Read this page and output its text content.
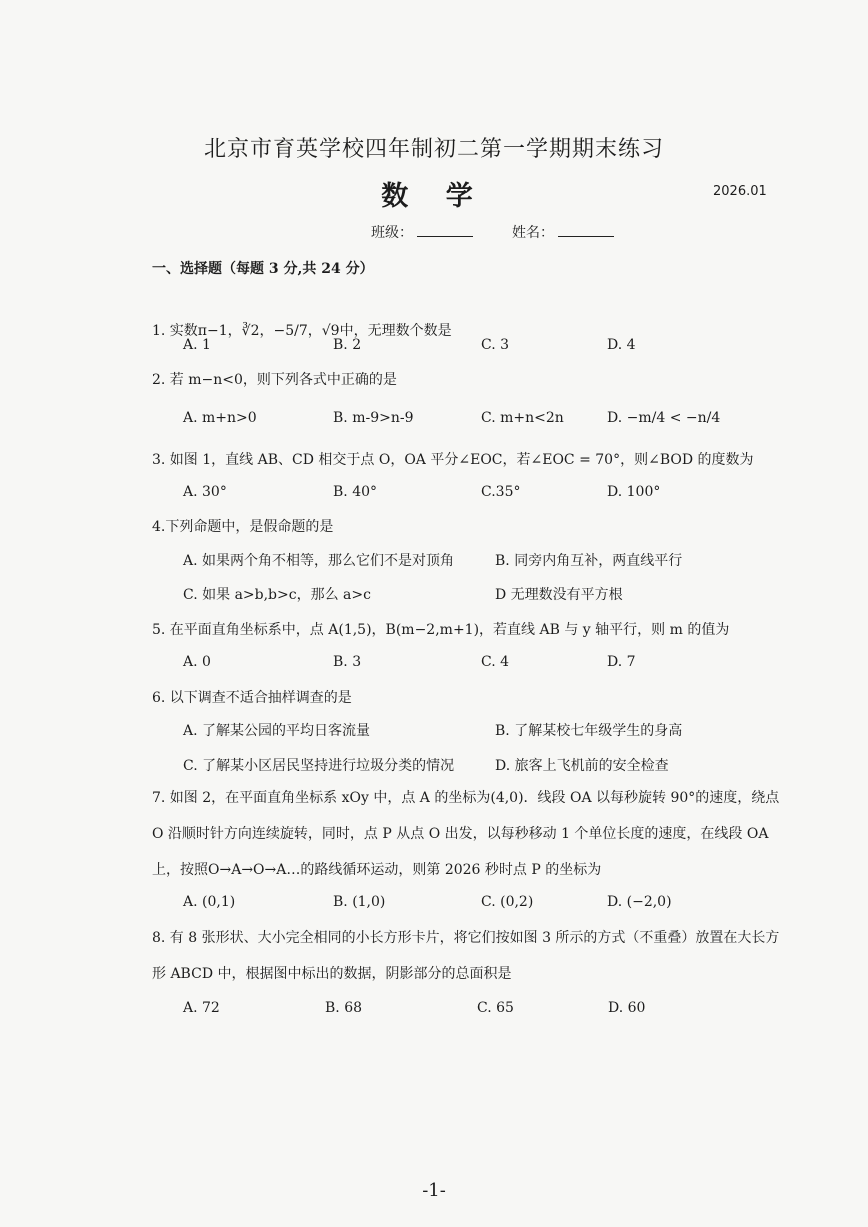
北京市育英学校四年制初二第一学期期末练习
数 学	2026.01
班级：	姓名：
一、选择题（每题 3 分,共 24 分）
1. 实数π−1，∛2，−5/7，√9中，无理数个数是
A. 1	B. 2	C. 3	D. 4
2. 若 m−n<0，则下列各式中正确的是
A. m+n>0	B. m-9>n-9	C. m+n<2n	D. −m/4 < −n/4
3. 如图 1，直线 AB、CD 相交于点 O，OA 平分∠EOC，若∠EOC = 70°，则∠BOD 的度数为
A. 30°	B. 40°	C.35°	D. 100°
4.下列命题中，是假命题的是
A. 如果两个角不相等，那么它们不是对顶角	B. 同旁内角互补，两直线平行
C. 如果 a>b,b>c，那么 a>c	D 无理数没有平方根
5. 在平面直角坐标系中，点 A(1,5)，B(m−2,m+1)，若直线 AB 与 y 轴平行，则 m 的值为
A. 0	B. 3	C. 4	D. 7
6. 以下调查不适合抽样调查的是
A. 了解某公园的平均日客流量	B. 了解某校七年级学生的身高
C. 了解某小区居民坚持进行垃圾分类的情况	D. 旅客上飞机前的安全检查
7. 如图 2，在平面直角坐标系 xOy 中，点 A 的坐标为(4,0)．线段 OA 以每秒旋转 90°的速度，绕点 O 沿顺时针方向连续旋转，同时，点 P 从点 O 出发，以每秒移动 1 个单位长度的速度，在线段 OA 上，按照O→A→O→A…的路线循环运动，则第 2026 秒时点 P 的坐标为
A. (0,1)	B. (1,0)	C. (0,2)	D. (−2,0)
8. 有 8 张形状、大小完全相同的小长方形卡片，将它们按如图 3 所示的方式（不重叠）放置在大长方形 ABCD 中，根据图中标出的数据，阴影部分的总面积是
A. 72	B. 68	C. 65	D. 60
-1-
